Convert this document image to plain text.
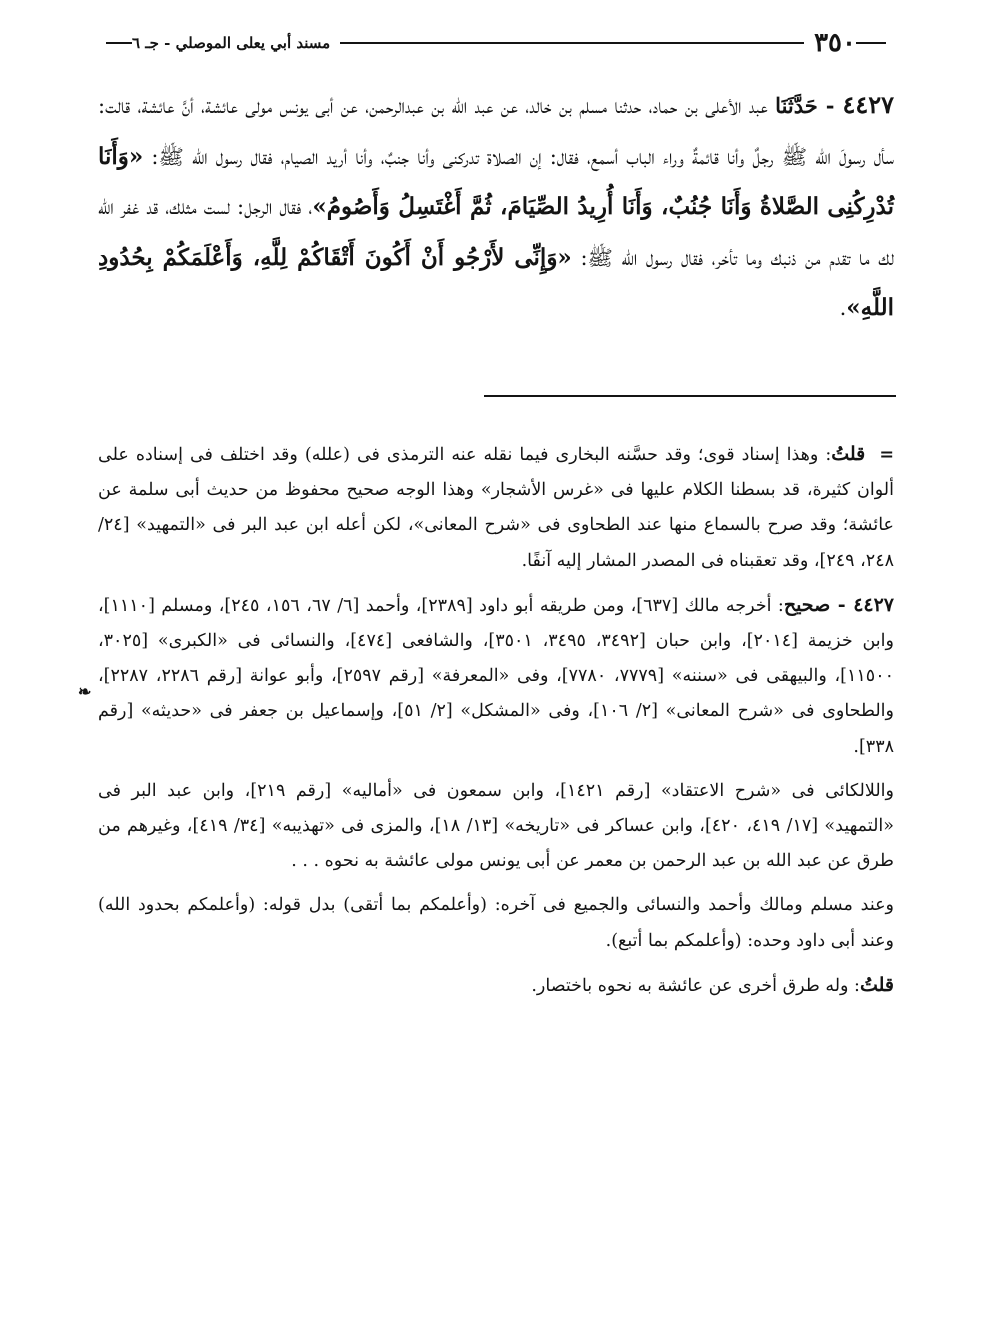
٣٥٠
مسند أبي يعلى الموصلي - جـ ٦
٤٤٢٧ - حَدَّثَنَا عبد الأعلى بن حماد، حدثنا مسلم بن خالد، عن عبد الله بن عبدالرحمن، عن أبى يونس مولى عائشة، أنَّ عائشة، قالت: سأل رسولَ الله ﷺ رجلٌ وأنا قائمةٌ وراء الباب أسمع، فقال: إن الصلاة تدركنى وأنا جنبٌ، وأنا أريد الصيام، فقال رسول الله ﷺ: «وَأَنَا تُدْرِكُنِى الصَّلاةُ وَأَنَا جُنُبٌ، وَأَنَا أُرِيدُ الصِّيَامَ، ثُمَّ أَغْتَسِلُ وَأَصُومُ»، فقال الرجل: لست مثلك، قد غفر الله لك ما تقدم من ذنبك وما تأخر، فقال رسول الله ﷺ: «وَإِنِّى لأَرْجُو أَنْ أَكُونَ أَتْقَاكُمْ لِلَّهِ، وَأَعْلَمَكُمْ بِحُدُودِ اللَّهِ».
❧

=  قلتُ: وهذا إسناد قوى؛ وقد حسَّنه البخارى فيما نقله عنه الترمذى فى (علله) وقد اختلف فى إسناده على ألوان كثيرة، قد بسطنا الكلام عليها فى «غرس الأشجار» وهذا الوجه صحيح محفوظ من حديث أبى سلمة عن عائشة؛ وقد صرح بالسماع منها عند الطحاوى فى «شرح المعانى»، لكن أعله ابن عبد البر فى «التمهيد» [٢٤/ ٢٤٨، ٢٤٩]، وقد تعقبناه فى المصدر المشار إليه آنفًا.

٤٤٢٧ - صحيح: أخرجه مالك [٦٣٧]، ومن طريقه أبو داود [٢٣٨٩]، وأحمد [٦/ ٦٧، ١٥٦، ٢٤٥]، ومسلم [١١١٠]، وابن خزيمة [٢٠١٤]، وابن حبان [٣٤٩٢، ٣٤٩٥، ٣٥٠١]، والشافعى [٤٧٤]، والنسائى فى «الكبرى» [٣٠٢٥، ١١٥٠٠]، والبيهقى فى «سننه» [٧٧٧٩، ٧٧٨٠]، وفى «المعرفة» [رقم ٢٥٩٧]، وأبو عوانة [رقم ٢٢٨٦، ٢٢٨٧]، والطحاوى فى «شرح المعانى» [٢/ ١٠٦]، وفى «المشكل» [٢/ ٥١]، وإسماعيل بن جعفر فى «حديثه» [رقم ٣٣٨].

واللالكائى فى «شرح الاعتقاد» [رقم ١٤٢١]، وابن سمعون فى «أماليه» [رقم ٢١٩]، وابن عبد البر فى «التمهيد» [١٧/ ٤١٩، ٤٢٠]، وابن عساكر فى «تاريخه» [١٣/ ١٨]، والمزى فى «تهذيبه» [٣٤/ ٤١٩]، وغيرهم من طرق عن عبد الله بن عبد الرحمن بن معمر عن أبى يونس مولى عائشة به نحوه . . .

وعند مسلم ومالك وأحمد والنسائى والجميع فى آخره: (وأعلمكم بما أتقى) بدل قوله: (وأعلمكم بحدود الله) وعند أبى داود وحده: (وأعلمكم بما أتبع).

قلتُ: وله طرق أخرى عن عائشة به نحوه باختصار.
